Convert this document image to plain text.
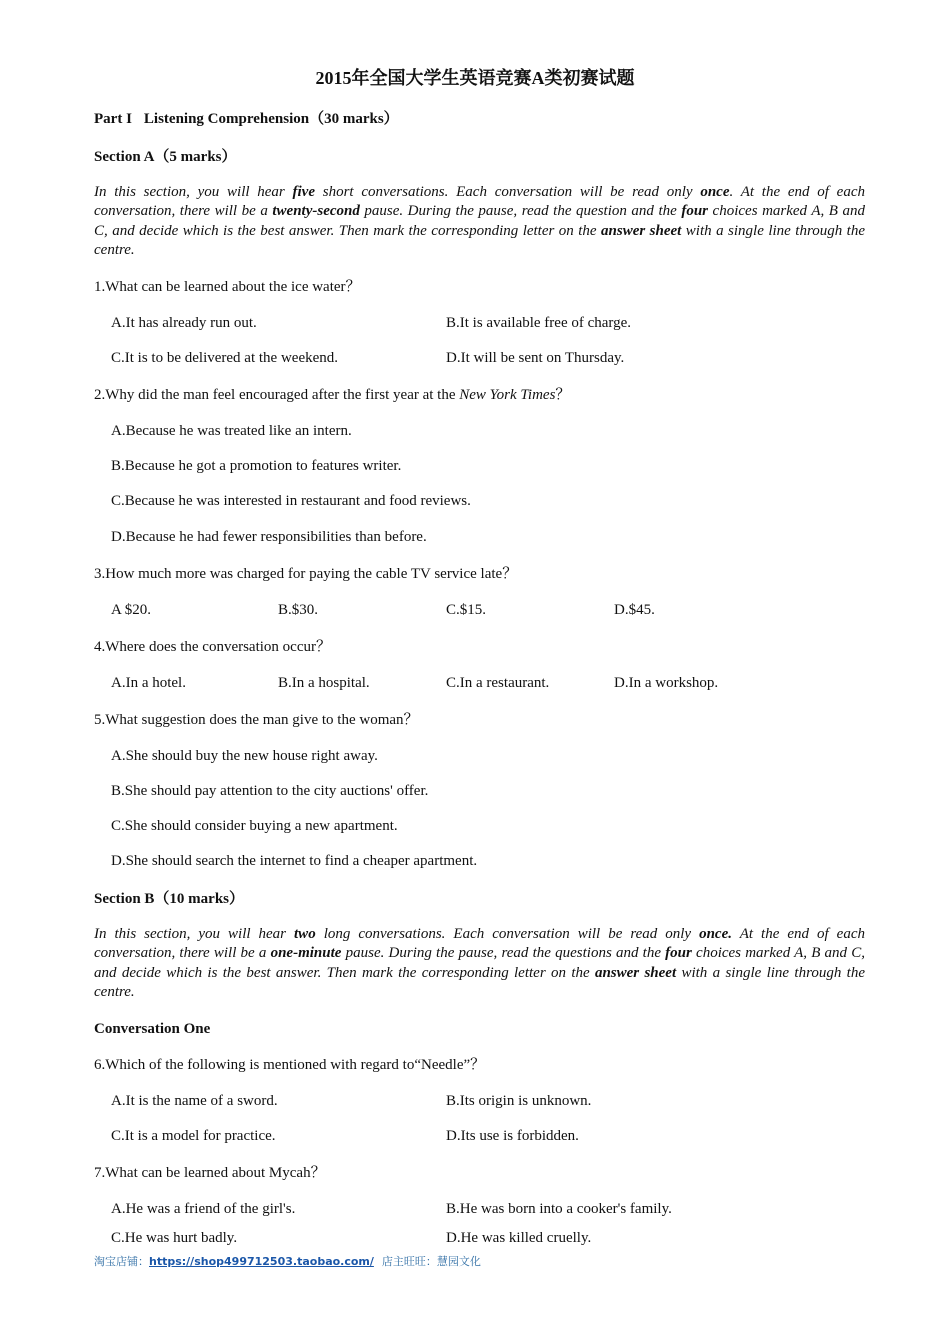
2015年全国大学生英语竞赛A类初赛试题
Part I Listening Comprehension（30 marks）
Section A（5 marks）
In this section, you will hear five short conversations. Each conversation will be read only once. At the end of each conversation, there will be a twenty-second pause. During the pause, read the question and the four choices marked A, B and C, and decide which is the best answer. Then mark the corresponding letter on the answer sheet with a single line through the centre.
1.What can be learned about the ice water？
A.It has already run out.	B.It is available free of charge.
C.It is to be delivered at the weekend.	D.It will be sent on Thursday.
2.Why did the man feel encouraged after the first year at the New York Times？
A.Because he was treated like an intern.
B.Because he got a promotion to features writer.
C.Because he was interested in restaurant and food reviews.
D.Because he had fewer responsibilities than before.
3.How much more was charged for paying the cable TV service late？
A $20.	B.$30.	C.$15.	D.$45.
4.Where does the conversation occur？
A.In a hotel.	B.In a hospital.	C.In a restaurant.	D.In a workshop.
5.What suggestion does the man give to the woman？
A.She should buy the new house right away.
B.She should pay attention to the city auctions' offer.
C.She should consider buying a new apartment.
D.She should search the internet to find a cheaper apartment.
Section B（10 marks）
In this section, you will hear two long conversations. Each conversation will be read only once. At the end of each conversation, there will be a one-minute pause. During the pause, read the questions and the four choices marked A, B and C, and decide which is the best answer. Then mark the corresponding letter on the answer sheet with a single line through the centre.
Conversation One
6.Which of the following is mentioned with regard to“Needle”？
A.It is the name of a sword.	B.Its origin is unknown.
C.It is a model for practice.	D.Its use is forbidden.
7.What can be learned about Mycah？
A.He was a friend of the girl's.	B.He was born into a cooker's family.
C.He was hurt badly.	D.He was killed cruelly.
淘宝店铺：https://shop499712503.taobao.com/ 店主旺旺：慧园文化
